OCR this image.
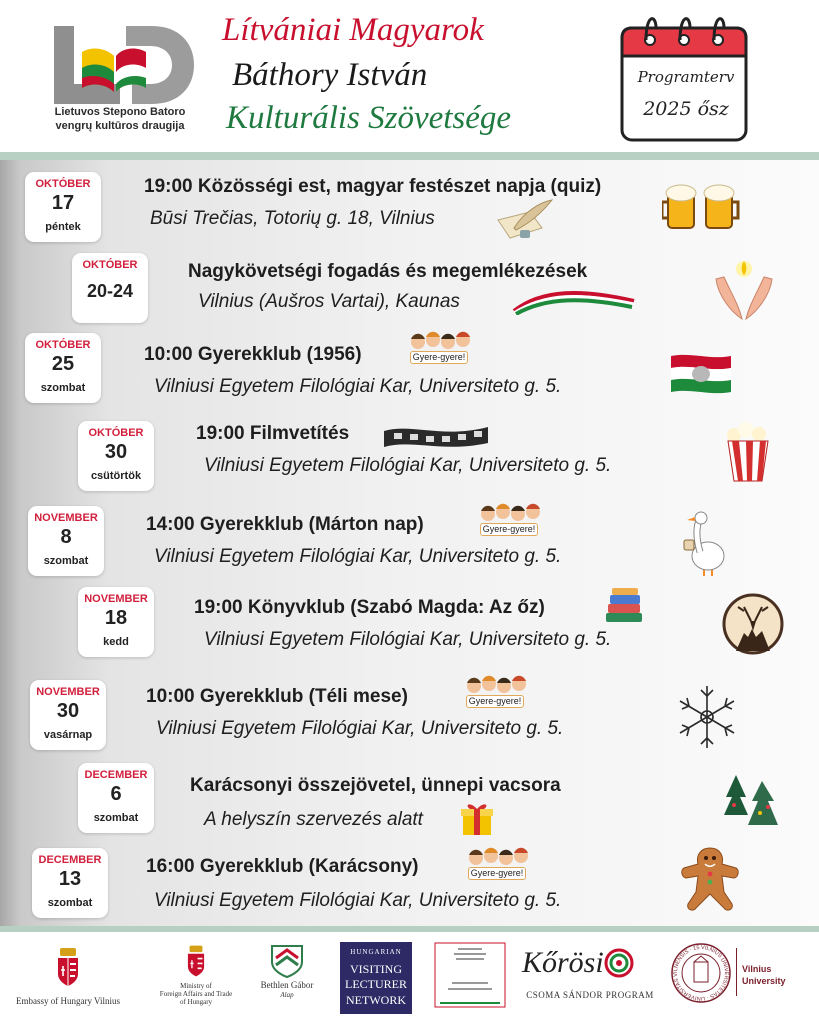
Lietuvos Stepono Batoro
vengrų kultūros draugija
Lítvániai Magyarok
Báthory István
Kulturális Szövetsége
Programterv
2025 ősz
OKTÓBER
17
péntek
19:00 Közösségi est, magyar festészet napja (quiz)
Būsi Trečias, Totorių g. 18, Vilnius
OKTÓBER
20-24
Nagykövetségi fogadás és megemlékezések
Vilnius (Aušros Vartai), Kaunas
OKTÓBER
25
szombat
10:00 Gyerekklub (1956)	Gyere-gyere!
Vilniusi Egyetem Filológiai Kar, Universiteto g. 5.
OKTÓBER
30
csütörtök
19:00 Filmvetítés
Vilniusi Egyetem Filológiai Kar, Universiteto g. 5.
NOVEMBER
8
szombat
14:00 Gyerekklub (Márton nap)	Gyere-gyere!
Vilniusi Egyetem Filológiai Kar, Universiteto g. 5.
NOVEMBER
18
kedd
19:00 Könyvklub (Szabó Magda: Az őz)
Vilniusi Egyetem Filológiai Kar, Universiteto g. 5.
NOVEMBER
30
vasárnap
10:00 Gyerekklub (Téli mese)	Gyere-gyere!
Vilniusi Egyetem Filológiai Kar, Universiteto g. 5.
DECEMBER
6
szombat
Karácsonyi összejövetel, ünnepi vacsora
A helyszín szervezés alatt
DECEMBER
13
szombat
16:00 Gyerekklub (Karácsony)	Gyere-gyere!
Vilniusi Egyetem Filológiai Kar, Universiteto g. 5.
Embassy of Hungary Vilnius
Ministry of
Foreign Affairs and Trade
of Hungary
Bethlen Gábor
Alap
HUNGARIAN
VISITING
LECTURER
NETWORK
Kőrösi
CSOMA SÁNDOR PROGRAM
VILNIUS UNIVERSITETAS · UNIVERSITAS VILNENSIS · 15
Vilnius
University
